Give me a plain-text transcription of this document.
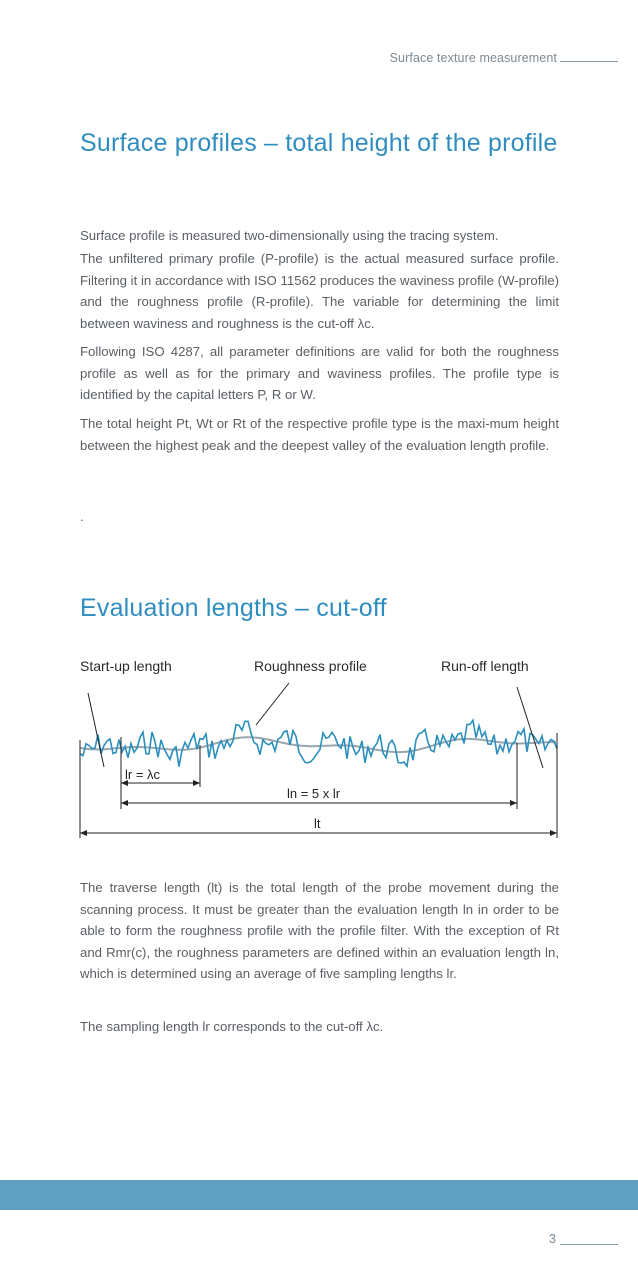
Surface texture measurement
Surface profiles – total height of the profile

Surface profile is measured two-dimensionally using the tracing system.

The unfiltered primary profile (P-profile) is the actual measured surface profile. Filtering it in accordance with ISO 11562 produces the waviness profile (W-profile) and the roughness profile (R-profile). The variable for determining the limit between waviness and roughness is the cut-off λc.

Following ISO 4287, all parameter definitions are valid for both the roughness profile as well as for the primary and waviness profiles. The profile type is identified by the capital letters P, R or W.

The total height Pt, Wt or Rt of the respective profile type is the maxi-mum height between the highest peak and the deepest valley of the evaluation length profile.

.

Evaluation lengths – cut-off
Start-up length	Roughness profile	Run-off length
lr = λc
ln = 5 x lr
lt

The traverse length (lt) is the total length of the probe movement during the scanning process. It must be greater than the evaluation length ln in order to be able to form the roughness profile with the profile filter. With the exception of Rt and Rmr(c), the roughness parameters are defined within an evaluation length ln, which is determined using an average of five sampling lengths lr.

The sampling length lr corresponds to the cut-off λc.

3
